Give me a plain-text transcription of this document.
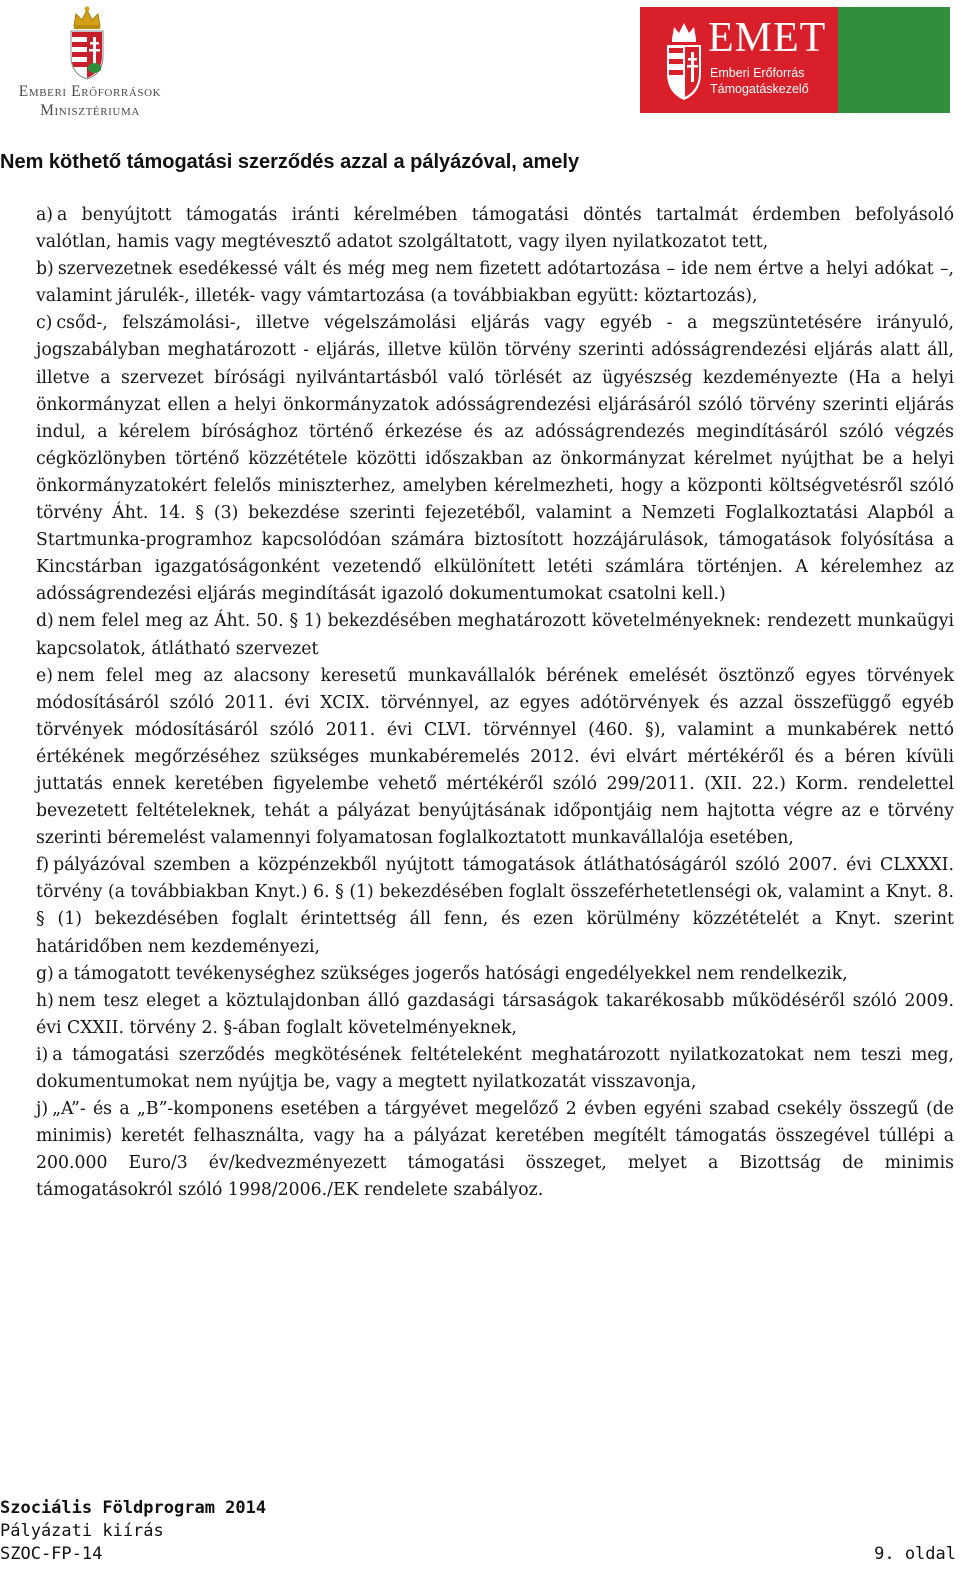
Emberi Erőforrások
Minisztériuma
EMET
Emberi Erőforrás
Támogatáskezelő
Nem köthető támogatási szerződés azzal a pályázóval, amely
a) a benyújtott támogatás iránti kérelmében támogatási döntés tartalmát érdemben befolyásoló valótlan, hamis vagy megtévesztő adatot szolgáltatott, vagy ilyen nyilatkozatot tett,
b) szervezetnek esedékessé vált és még meg nem fizetett adótartozása – ide nem értve a helyi adókat –, valamint járulék-, illeték- vagy vámtartozása (a továbbiakban együtt: köztartozás),
c) csőd-, felszámolási-, illetve végelszámolási eljárás vagy egyéb - a megszüntetésére irányuló, jogszabályban meghatározott - eljárás, illetve külön törvény szerinti adósságrendezési eljárás alatt áll, illetve a szervezet bírósági nyilvántartásból való törlését az ügyészség kezdeményezte (Ha a helyi önkormányzat ellen a helyi önkormányzatok adósságrendezési eljárásáról szóló törvény szerinti eljárás indul, a kérelem bírósághoz történő érkezése és az adósságrendezés megindításáról szóló végzés cégközlönyben történő közzététele közötti időszakban az önkormányzat kérelmet nyújthat be a helyi önkormányzatokért felelős miniszterhez, amelyben kérelmezheti, hogy a központi költségvetésről szóló törvény Áht. 14. § (3) bekezdése szerinti fejezetéből, valamint a Nemzeti Foglalkoztatási Alapból a Startmunka-programhoz kapcsolódóan számára biztosított hozzájárulások, támogatások folyósítása a Kincstárban igazgatóságonként vezetendő elkülönített letéti számlára történjen. A kérelemhez az adósságrendezési eljárás megindítását igazoló dokumentumokat csatolni kell.)
d) nem felel meg az Áht. 50. § 1) bekezdésében meghatározott követelményeknek: rendezett munkaügyi kapcsolatok, átlátható szervezet
e) nem felel meg az alacsony keresetű munkavállalók bérének emelését ösztönző egyes törvények módosításáról szóló 2011. évi XCIX. törvénnyel, az egyes adótörvények és azzal összefüggő egyéb törvények módosításáról szóló 2011. évi CLVI. törvénnyel (460. §), valamint a munkabérek nettó értékének megőrzéséhez szükséges munkabéremelés 2012. évi elvárt mértékéről és a béren kívüli juttatás ennek keretében figyelembe vehető mértékéről szóló 299/2011. (XII. 22.) Korm. rendelettel bevezetett feltételeknek, tehát a pályázat benyújtásának időpontjáig nem hajtotta végre az e törvény szerinti béremelést valamennyi folyamatosan foglalkoztatott munkavállalója esetében,
f) pályázóval szemben a közpénzekből nyújtott támogatások átláthatóságáról szóló 2007. évi CLXXXI. törvény (a továbbiakban Knyt.) 6. § (1) bekezdésében foglalt összeférhetetlenségi ok, valamint a Knyt. 8. § (1) bekezdésében foglalt érintettség áll fenn, és ezen körülmény közzétételét a Knyt. szerint határidőben nem kezdeményezi,
g) a támogatott tevékenységhez szükséges jogerős hatósági engedélyekkel nem rendelkezik,
h) nem tesz eleget a köztulajdonban álló gazdasági társaságok takarékosabb működéséről szóló 2009. évi CXXII. törvény 2. §-ában foglalt követelményeknek,
i) a támogatási szerződés megkötésének feltételeként meghatározott nyilatkozatokat nem teszi meg, dokumentumokat nem nyújtja be, vagy a megtett nyilatkozatát visszavonja,
j) „A”- és a „B”-komponens esetében a tárgyévet megelőző 2 évben egyéni szabad csekély összegű (de minimis) keretét felhasználta, vagy ha a pályázat keretében megítélt támogatás összegével túllépi a 200.000 Euro/3 év/kedvezményezett támogatási összeget, melyet a Bizottság de minimis támogatásokról szóló 1998/2006./EK rendelete szabályoz.
Szociális Földprogram 2014
Pályázati kiírás
SZOC-FP-14	9. oldal
